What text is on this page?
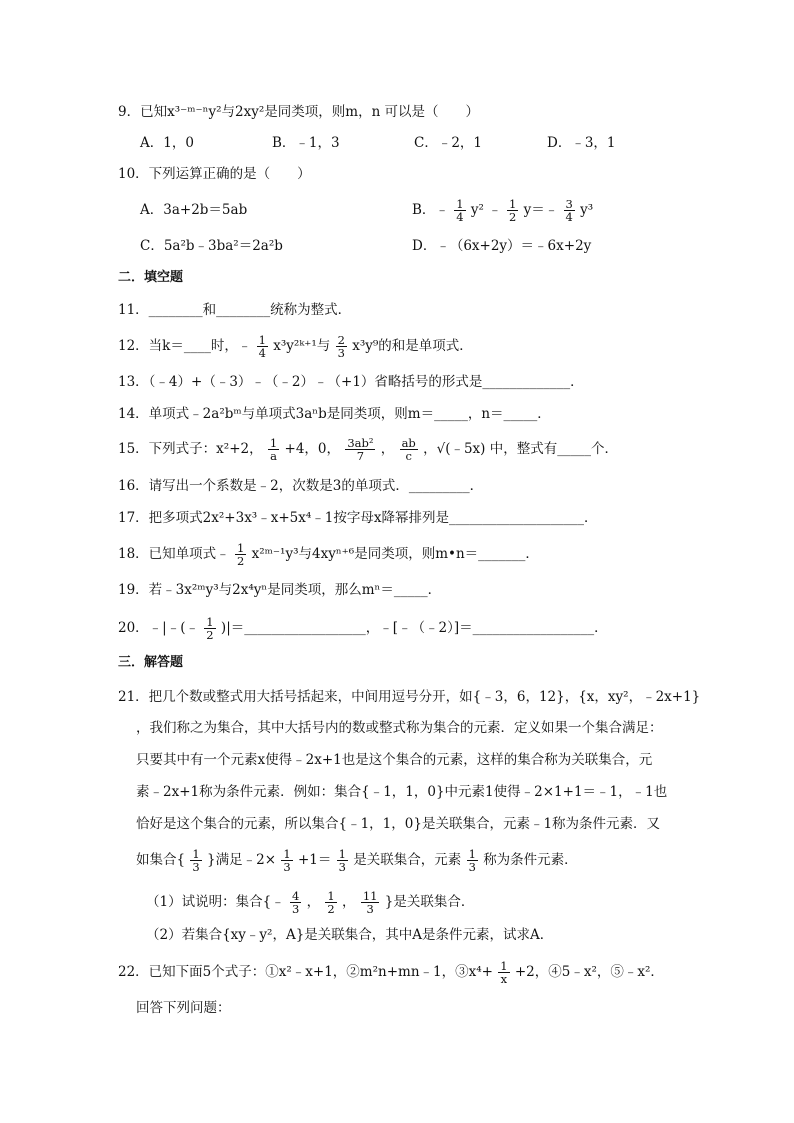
9．已知x³⁻ᵐ⁻ⁿy²与2xy²是同类项，则m，n 可以是（　　）
A．1，0	B．﹣1，3	C．﹣2，1	D．﹣3，1
10．下列运算正确的是（　　）
A．3a+2b＝5ab	B．﹣ $\frac{1}{4} y^2$ ﹣ $\frac{1}{2}$ y＝﹣ $\frac{3}{4} y^3$
C．5a²b﹣3ba²＝2a²b	D．﹣（6x+2y）＝﹣6x+2y
二．填空题
11．________和________统称为整式．
12．当k＝____时，﹣ $\frac{1}{4}$ x³y²ᵏ⁺¹与 $\frac{2}{3} x^3y^9$的和是单项式．
13．（﹣4）+（﹣3）﹣（﹣2）﹣（+1）省略括号的形式是_____________．
14．单项式﹣2a²bᵐ与单项式3aⁿb是同类项，则m＝_____，n＝_____．
15．下列式子：x²+2， $\frac{1}{a} +4$，0， $\frac{\text{3ab²}}{7}$ ， $\frac{ab}{c}$ ，√(﹣5x) 中，整式有_____个．
16．请写出一个系数是﹣2，次数是3的单项式．_________．
17．把多项式2x²+3x³﹣x+5x⁴﹣1按字母x降幂排列是____________________．
18．已知单项式﹣ $\frac{1}{2}$ x²ᵐ⁻¹y³与4xyⁿ⁺⁶是同类项，则m•n＝_______．
19．若﹣3x²ᵐy³与2x⁴yⁿ是同类项，那么mⁿ＝_____．
20．﹣|﹣(﹣ $\frac{1}{2}$ )|＝__________________，﹣[﹣（﹣2）]＝__________________．
三．解答题
21．把几个数或整式用大括号括起来，中间用逗号分开，如{﹣3，6，12}，{x，xy²，﹣2x+1}
，我们称之为集合，其中大括号内的数或整式称为集合的元素．定义如果一个集合满足：
只要其中有一个元素x使得﹣2x+1也是这个集合的元素，这样的集合称为关联集合，元
素﹣2x+1称为条件元素．例如：集合{﹣1，1，0}中元素1使得﹣2×1+1＝﹣1，﹣1也
恰好是这个集合的元素，所以集合{﹣1，1，0}是关联集合，元素﹣1称为条件元素．又
如集合{ $\frac{1}{3}$ }满足﹣2× $\frac{1}{3} +1= \frac{1}{3}$ 是关联集合，元素 $\frac{1}{3}$ 称为条件元素．
（1）试说明：集合{﹣ $\frac{4}{3}$ ， $\frac{1}{2}$ ， $\frac{11}{3}$ }是关联集合．
（2）若集合{xy﹣y²，A}是关联集合，其中A是条件元素，试求A．
22．已知下面5个式子：①x²﹣x+1，②m²n+mn﹣1，③x⁴+ $\frac{1}{x} +2$，④5﹣x²，⑤﹣x²．
回答下列问题：
